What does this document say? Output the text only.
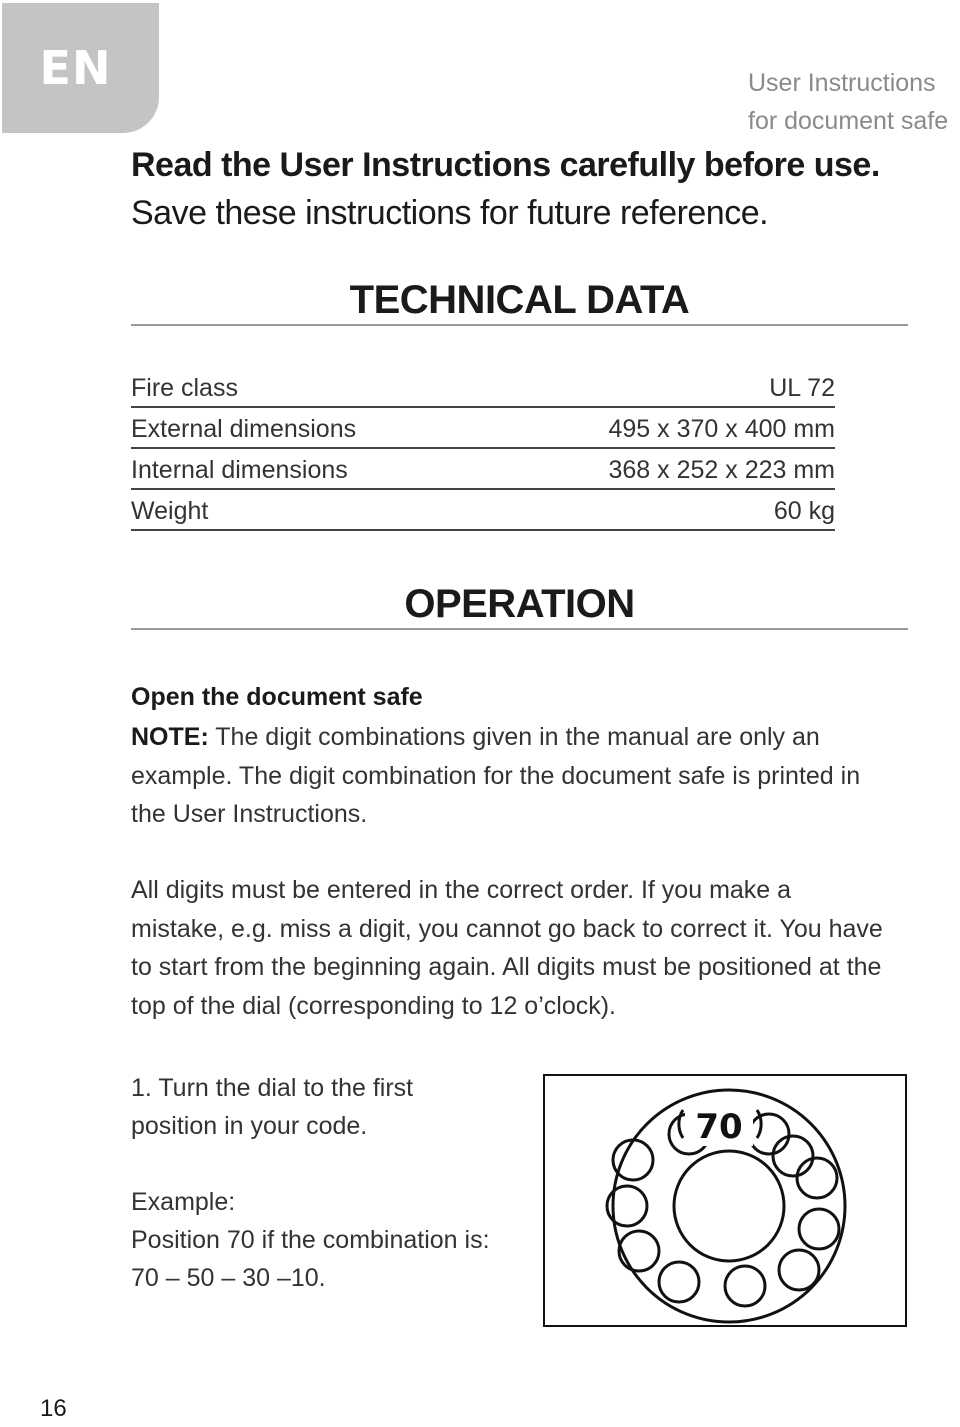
EN	User Instructions for document safe
Read the User Instructions carefully before use.
Save these instructions for future reference.
TECHNICAL DATA
Fire class	UL 72
External dimensions	495 x 370 x 400 mm
Internal dimensions	368 x 252 x 223 mm
Weight	60 kg
OPERATION
Open the document safe
NOTE: The digit combinations given in the manual are only an example. The digit combination for the document safe is printed in the User Instructions.
All digits must be entered in the correct order. If you make a mistake, e.g. miss a digit, you cannot go back to correct it. You have to start from the beginning again. All digits must be positioned at the top of the dial (corresponding to 12 o’clock).
1. Turn the dial to the first position in your code.
Example:
Position 70 if the combination is:
70 – 50 – 30 –10.
70
16
